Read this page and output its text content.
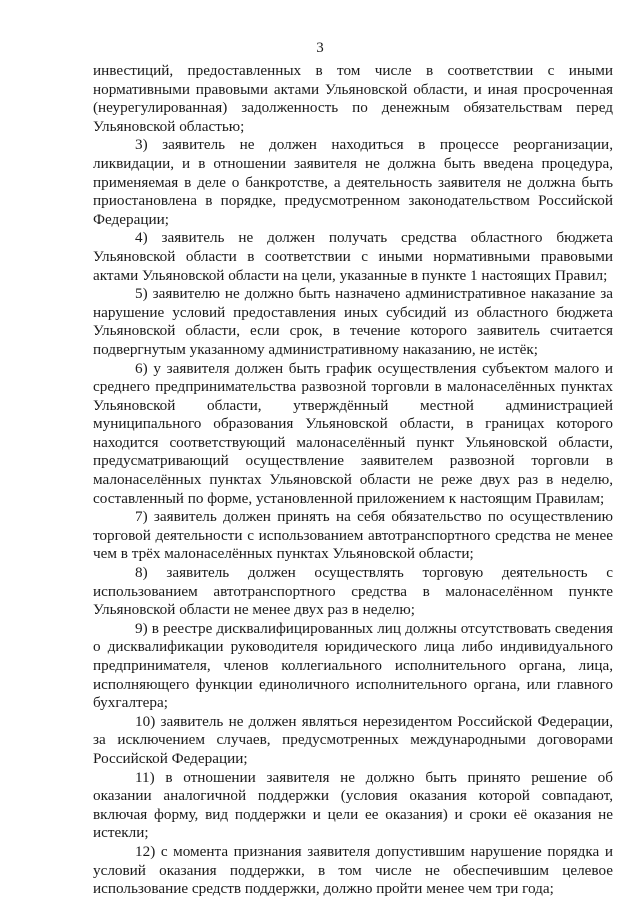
3

инвестиций, предоставленных в том числе в соответствии с иными нормативными правовыми актами Ульяновской области, и иная просроченная (неурегулированная) задолженность по денежным обязательствам перед Ульяновской областью;

3) заявитель не должен находиться в процессе реорганизации, ликвидации, и в отношении заявителя не должна быть введена процедура, применяемая в деле о банкротстве, а деятельность заявителя не должна быть приостановлена в порядке, предусмотренном законодательством Российской Федерации;

4) заявитель не должен получать средства областного бюджета Ульяновской области в соответствии с иными нормативными правовыми актами Ульяновской области на цели, указанные в пункте 1 настоящих Правил;

5) заявителю не должно быть назначено административное наказание за нарушение условий предоставления иных субсидий из областного бюджета Ульяновской области, если срок, в течение которого заявитель считается подвергнутым указанному административному наказанию, не истёк;

6) у заявителя должен быть график осуществления субъектом малого и среднего предпринимательства развозной торговли в малонаселённых пунктах Ульяновской области, утверждённый местной администрацией муниципального образования Ульяновской области, в границах которого находится соответствующий малонаселённый пункт Ульяновской области, предусматривающий осуществление заявителем развозной торговли в малонаселённых пунктах Ульяновской области не реже двух раз в неделю, составленный по форме, установленной приложением к настоящим Правилам;

7) заявитель должен принять на себя обязательство по осуществлению торговой деятельности с использованием автотранспортного средства не менее чем в трёх малонаселённых пунктах Ульяновской области;

8) заявитель должен осуществлять торговую деятельность с использованием автотранспортного средства в малонаселённом пункте Ульяновской области не менее двух раз в неделю;

9) в реестре дисквалифицированных лиц должны отсутствовать сведения о дисквалификации руководителя юридического лица либо индивидуального предпринимателя, членов коллегиального исполнительного органа, лица, исполняющего функции единоличного исполнительного органа, или главного бухгалтера;

10) заявитель не должен являться нерезидентом Российской Федерации, за исключением случаев, предусмотренных международными договорами Российской Федерации;

11) в отношении заявителя не должно быть принято решение об оказании аналогичной поддержки (условия оказания которой совпадают, включая форму, вид поддержки и цели ее оказания) и сроки её оказания не истекли;

12) с момента признания заявителя допустившим нарушение порядка и условий оказания поддержки, в том числе не обеспечившим целевое использование средств поддержки, должно пройти менее чем три года;
